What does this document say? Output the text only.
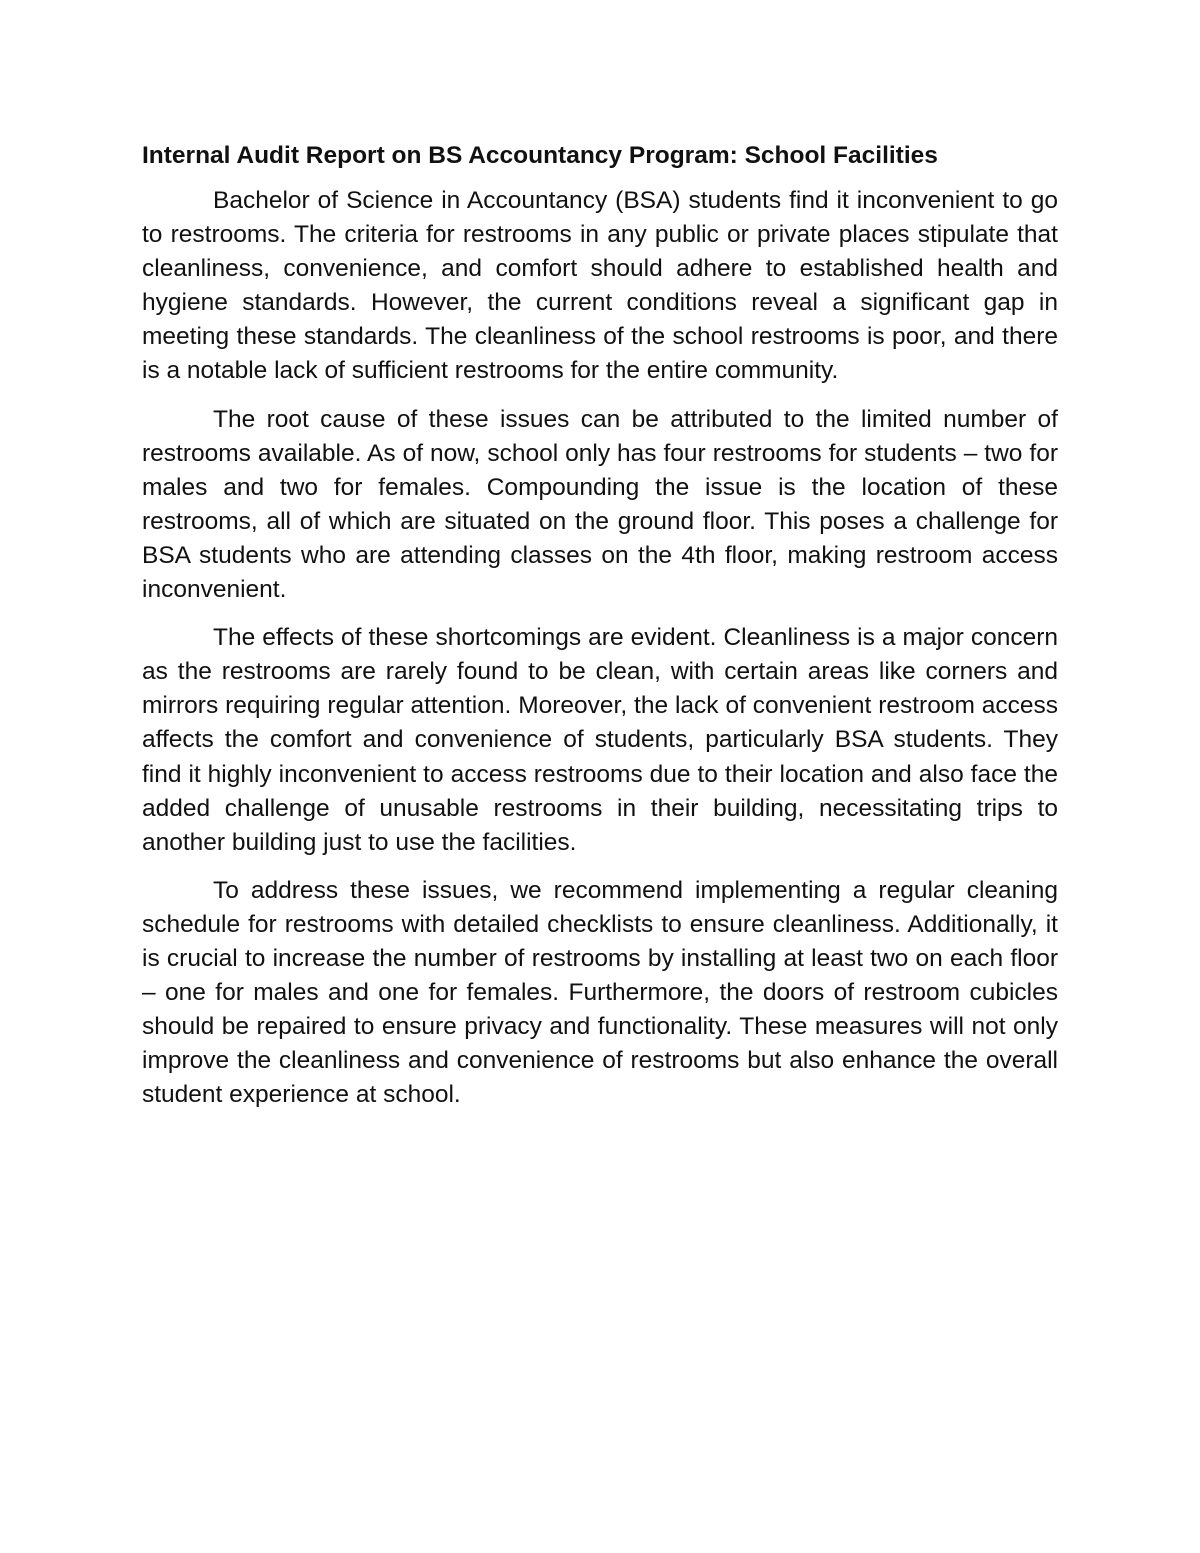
Internal Audit Report on BS Accountancy Program: School Facilities

Bachelor of Science in Accountancy (BSA) students find it inconvenient to go to restrooms. The criteria for restrooms in any public or private places stipulate that cleanliness, convenience, and comfort should adhere to established health and hygiene standards. However, the current conditions reveal a significant gap in meeting these standards. The cleanliness of the school restrooms is poor, and there is a notable lack of sufficient restrooms for the entire community.

The root cause of these issues can be attributed to the limited number of restrooms available. As of now, school only has four restrooms for students – two for males and two for females. Compounding the issue is the location of these restrooms, all of which are situated on the ground floor. This poses a challenge for BSA students who are attending classes on the 4th floor, making restroom access inconvenient.

The effects of these shortcomings are evident. Cleanliness is a major concern as the restrooms are rarely found to be clean, with certain areas like corners and mirrors requiring regular attention. Moreover, the lack of convenient restroom access affects the comfort and convenience of students, particularly BSA students. They find it highly inconvenient to access restrooms due to their location and also face the added challenge of unusable restrooms in their building, necessitating trips to another building just to use the facilities.

To address these issues, we recommend implementing a regular cleaning schedule for restrooms with detailed checklists to ensure cleanliness. Additionally, it is crucial to increase the number of restrooms by installing at least two on each floor – one for males and one for females. Furthermore, the doors of restroom cubicles should be repaired to ensure privacy and functionality. These measures will not only improve the cleanliness and convenience of restrooms but also enhance the overall student experience at school.
